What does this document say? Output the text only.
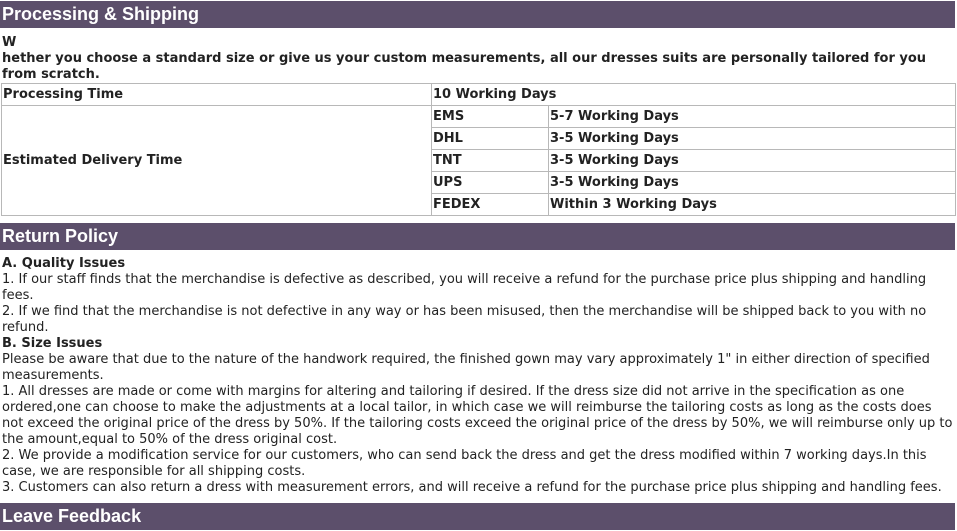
Processing & Shipping
W
hether you choose a standard size or give us your custom measurements, all our dresses suits are personally tailored for you from scratch.
Processing Time	10 Working Days	
Estimated Delivery Time	EMS	5-7 Working Days
	DHL	3-5 Working Days
	TNT	3-5 Working Days
	UPS	3-5 Working Days
	FEDEX	Within 3 Working Days
Return Policy

A. Quality Issues

1. If our staff finds that the merchandise is defective as described, you will receive a refund for the purchase price plus shipping and handling fees.

2. If we find that the merchandise is not defective in any way or has been misused, then the merchandise will be shipped back to you with no refund.

B. Size Issues

Please be aware that due to the nature of the handwork required, the finished gown may vary approximately 1" in either direction of specified measurements.

1. All dresses are made or come with margins for altering and tailoring if desired. If the dress size did not arrive in the specification as one ordered,one can choose to make the adjustments at a local tailor, in which case we will reimburse the tailoring costs as long as the costs does not exceed the original price of the dress by 50%. If the tailoring costs exceed the original price of the dress by 50%, we will reimburse only up to the amount,equal to 50% of the dress original cost.

2. We provide a modification service for our customers, who can send back the dress and get the dress modified within 7 working days.In this case, we are responsible for all shipping costs.

3. Customers can also return a dress with measurement errors, and will receive a refund for the purchase price plus shipping and handling fees.

Leave Feedback
